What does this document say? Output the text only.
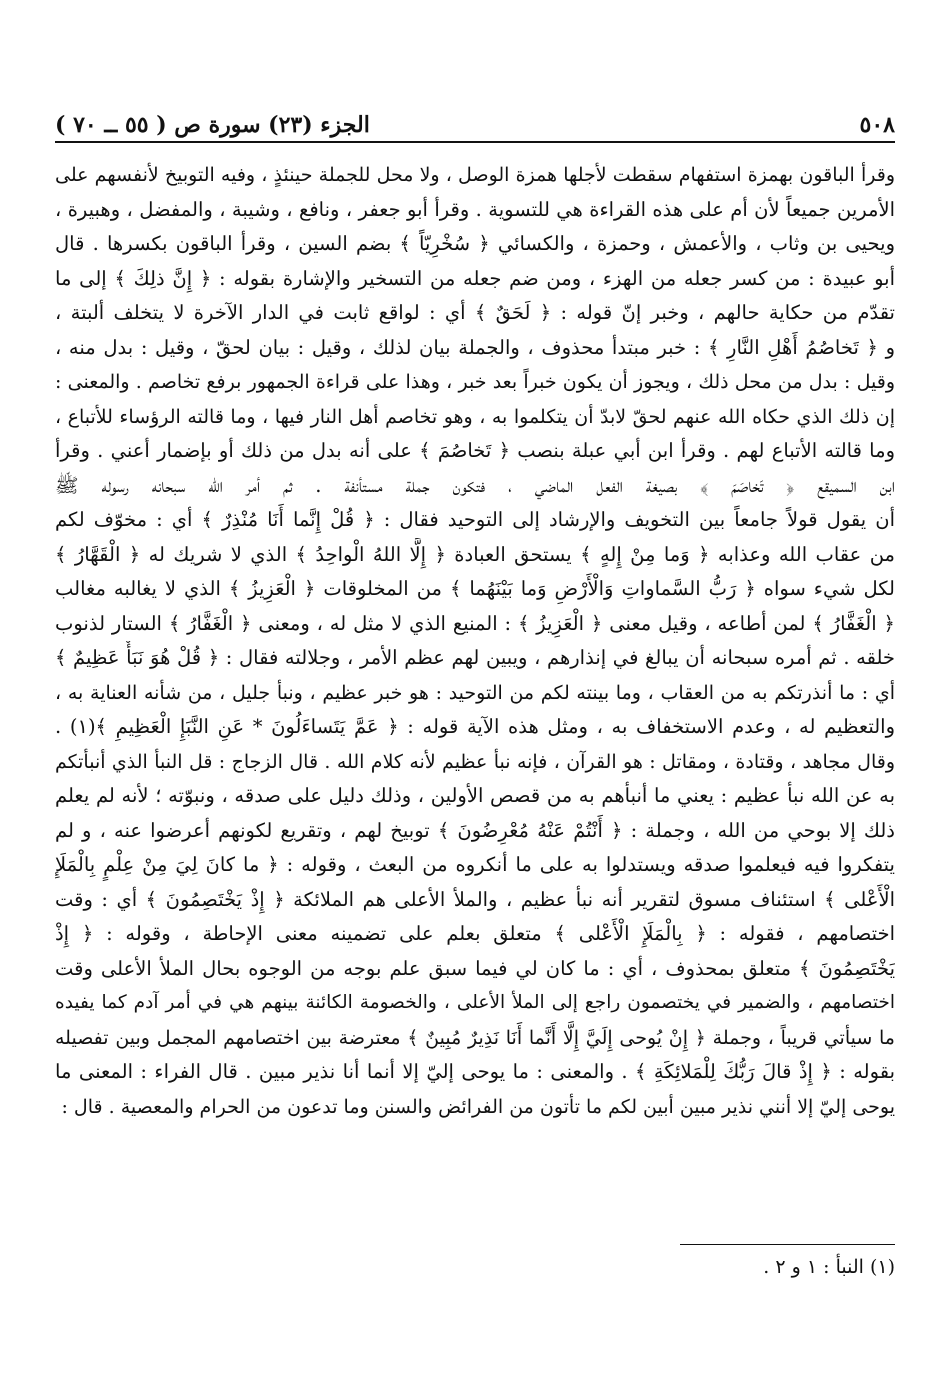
٥٠٨
الجزء (٢٣) سورة ص ( ٥٥ ــ ٧٠ )
وقرأ الباقون بهمزة استفهام سقطت لأجلها همزة الوصل ، ولا محل للجملة حينئذٍ ، وفيه التوبيخ لأنفسهم على
الأمرين جميعاً لأن أم على هذه القراءة هي للتسوية . وقرأ أبو جعفر ، ونافع ، وشيبة ، والمفضل ، وهبيرة ،
ويحيى بن وثاب ، والأعمش ، وحمزة ، والكسائي ﴿ سُخْرِيّاً ﴾ بضم السين ، وقرأ الباقون بكسرها . قال
أبو عبيدة : من كسر جعله من الهزء ، ومن ضم جعله من التسخير والإشارة بقوله : ﴿ إِنَّ ذلِكَ ﴾ إلى ما
تقدّم من حكاية حالهم ، وخبر إنّ قوله : ﴿ لَحَقٌ ﴾ أي : لواقع ثابت في الدار الآخرة لا يتخلف ألبتة ،
و ﴿ تَخاصُمُ أَهْلِ النَّارِ ﴾ : خبر مبتدأ محذوف ، والجملة بيان لذلك ، وقيل : بيان لحقّ ، وقيل : بدل منه ،
وقيل : بدل من محل ذلك ، ويجوز أن يكون خبراً بعد خبر ، وهذا على قراءة الجمهور برفع تخاصم . والمعنى :
إن ذلك الذي حكاه الله عنهم لحقّ لابدّ أن يتكلموا به ، وهو تخاصم أهل النار فيها ، وما قالته الرؤساء للأتباع ،
وما قالته الأتباع لهم . وقرأ ابن أبي عبلة بنصب ﴿ تَخاصُمَ ﴾ على أنه بدل من ذلك أو بإضمار أعني . وقرأ
ابن السميقع ﴿ تَخاصَمَ ﴾ بصيغة الفعل الماضي ، فتكون جملة مستأنفة . ثم أمر الله سبحانه رسوله ﷺ
أن يقول قولاً جامعاً بين التخويف والإرشاد إلى التوحيد فقال : ﴿ قُلْ إِنَّما أَنَا مُنْذِرٌ ﴾ أي : مخوّف لكم
من عقاب الله وعذابه ﴿ وَما مِنْ إِلهٍ ﴾ يستحق العبادة ﴿ إِلَّا اللهُ الْواحِدُ ﴾ الذي لا شريك له ﴿ الْقَهَّارُ ﴾
لكل شيء سواه ﴿ رَبُّ السَّماواتِ وَالْأَرْضِ وَما بَيْنَهُما ﴾ من المخلوقات ﴿ الْعَزِيزُ ﴾ الذي لا يغالبه مغالب
﴿ الْغَفَّارُ ﴾ لمن أطاعه ، وقيل معنى ﴿ الْعَزِيزُ ﴾ : المنيع الذي لا مثل له ، ومعنى ﴿ الْغَفَّارُ ﴾ الستار لذنوب
خلقه . ثم أمره سبحانه أن يبالغ في إنذارهم ، ويبين لهم عظم الأمر ، وجلالته فقال : ﴿ قُلْ هُوَ نَبَأٌ عَظِيمٌ ﴾
أي : ما أنذرتكم به من العقاب ، وما بينته لكم من التوحيد : هو خبر عظيم ، ونبأ جليل ، من شأنه العناية به ،
والتعظيم له ، وعدم الاستخفاف به ، ومثل هذه الآية قوله : ﴿ عَمَّ يَتَساءَلُونَ * عَنِ النَّبَإِ الْعَظِيمِ ﴾(١) .
وقال مجاهد ، وقتادة ، ومقاتل : هو القرآن ، فإنه نبأ عظيم لأنه كلام الله . قال الزجاج : قل النبأ الذي أنبأتكم
به عن الله نبأ عظيم : يعني ما أنبأهم به من قصص الأولين ، وذلك دليل على صدقه ، ونبوّته ؛ لأنه لم يعلم
ذلك إلا بوحي من الله ، وجملة : ﴿ أَنْتُمْ عَنْهُ مُعْرِضُونَ ﴾ توبيخ لهم ، وتقريع لكونهم أعرضوا عنه ، و لم
يتفكروا فيه فيعلموا صدقه ويستدلوا به على ما أنكروه من البعث ، وقوله : ﴿ ما كانَ لِيَ مِنْ عِلْمٍ بِالْمَلَإِ
الْأَعْلى ﴾ استئناف مسوق لتقرير أنه نبأ عظيم ، والملأ الأعلى هم الملائكة ﴿ إِذْ يَخْتَصِمُونَ ﴾ أي : وقت
اختصامهم ، فقوله : ﴿ بِالْمَلَإِ الْأَعْلى ﴾ متعلق بعلم على تضمينه معنى الإحاطة ، وقوله : ﴿ إِذْ
يَخْتَصِمُونَ ﴾ متعلق بمحذوف ، أي : ما كان لي فيما سبق علم بوجه من الوجوه بحال الملأ الأعلى وقت
اختصامهم ، والضمير في يختصمون راجع إلى الملأ الأعلى ، والخصومة الكائنة بينهم هي في أمر آدم كما يفيده
ما سيأتي قريباً ، وجملة ﴿ إِنْ يُوحى إِلَيَّ إِلَّا أَنَّما أَنَا نَذِيرٌ مُبِينٌ ﴾ معترضة بين اختصامهم المجمل وبين تفصيله
بقوله : ﴿ إِذْ قالَ رَبُّكَ لِلْمَلائِكَةِ ﴾ . والمعنى : ما يوحى إليّ إلا أنما أنا نذير مبين . قال الفراء : المعنى ما
يوحى إليّ إلا أنني نذير مبين أبين لكم ما تأتون من الفرائض والسنن وما تدعون من الحرام والمعصية . قال :
(١) النبأ : ١ و ٢ .
